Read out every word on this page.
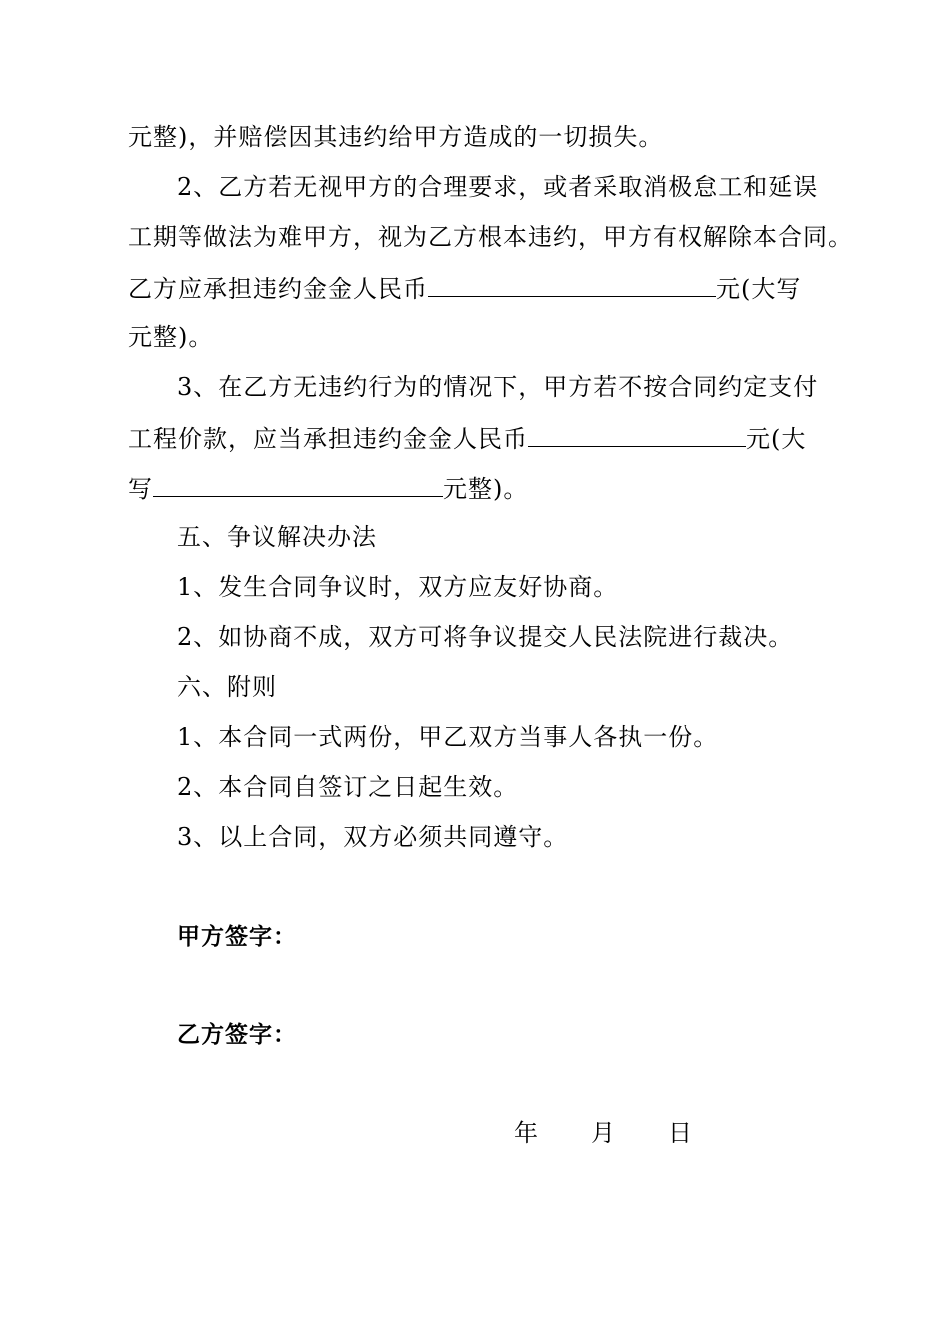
元整)，并赔偿因其违约给甲方造成的一切损失。
2、乙方若无视甲方的合理要求，或者采取消极怠工和延误
工期等做法为难甲方，视为乙方根本违约，甲方有权解除本合同。
乙方应承担违约金金人民币	元(大写
元整)。
3、在乙方无违约行为的情况下，甲方若不按合同约定支付
工程价款，应当承担违约金金人民币	元(大
写	元整)。
五、争议解决办法
1、发生合同争议时，双方应友好协商。
2、如协商不成，双方可将争议提交人民法院进行裁决。
六、附则
1、本合同一式两份，甲乙双方当事人各执一份。
2、本合同自签订之日起生效。
3、以上合同，双方必须共同遵守。
甲方签字：
乙方签字：
年 月 日
